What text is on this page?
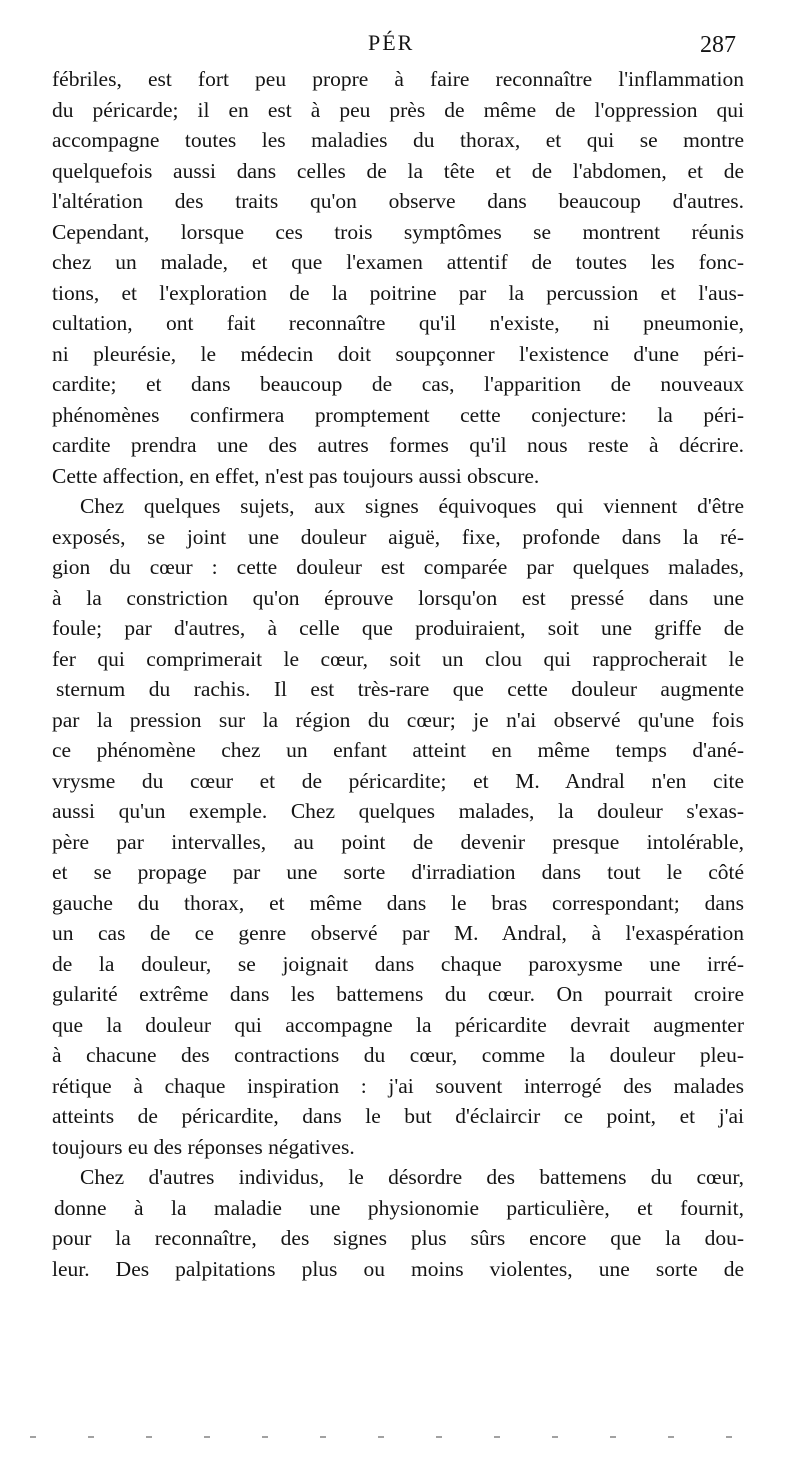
PÉR	287
fébriles, est fort peu propre à faire reconnaître l'inflammation
du péricarde; il en est à peu près de même de l'oppression qui
accompagne toutes les maladies du thorax, et qui se montre
quelquefois aussi dans celles de la tête et de l'abdomen, et de
l'altération des traits qu'on observe dans beaucoup d'autres.
Cependant, lorsque ces trois symptômes se montrent réunis
chez un malade, et que l'examen attentif de toutes les fonc-
tions, et l'exploration de la poitrine par la percussion et l'aus-
cultation, ont fait reconnaître qu'il n'existe, ni pneumonie,
ni pleurésie, le médecin doit soupçonner l'existence d'une péri-
cardite; et dans beaucoup de cas, l'apparition de nouveaux
phénomènes confirmera promptement cette conjecture: la péri-
cardite prendra une des autres formes qu'il nous reste à décrire.
Cette affection, en effet, n'est pas toujours aussi obscure.
Chez quelques sujets, aux signes équivoques qui viennent d'être
exposés, se joint une douleur aiguë, fixe, profonde dans la ré-
gion du cœur : cette douleur est comparée par quelques malades,
à la constriction qu'on éprouve lorsqu'on est pressé dans une
foule; par d'autres, à celle que produiraient, soit une griffe de
fer qui comprimerait le cœur, soit un clou qui rapprocherait le
sternum du rachis. Il est très-rare que cette douleur augmente
par la pression sur la région du cœur; je n'ai observé qu'une fois
ce phénomène chez un enfant atteint en même temps d'ané-
vrysme du cœur et de péricardite; et M. Andral n'en cite
aussi qu'un exemple. Chez quelques malades, la douleur s'exas-
père par intervalles, au point de devenir presque intolérable,
et se propage par une sorte d'irradiation dans tout le côté
gauche du thorax, et même dans le bras correspondant; dans
un cas de ce genre observé par M. Andral, à l'exaspération
de la douleur, se joignait dans chaque paroxysme une irré-
gularité extrême dans les battemens du cœur. On pourrait croire
que la douleur qui accompagne la péricardite devrait augmenter
à chacune des contractions du cœur, comme la douleur pleu-
rétique à chaque inspiration : j'ai souvent interrogé des malades
atteints de péricardite, dans le but d'éclaircir ce point, et j'ai
toujours eu des réponses négatives.
Chez d'autres individus, le désordre des battemens du cœur,
donne à la maladie une physionomie particulière, et fournit,
pour la reconnaître, des signes plus sûrs encore que la dou-
leur. Des palpitations plus ou moins violentes, une sorte de
